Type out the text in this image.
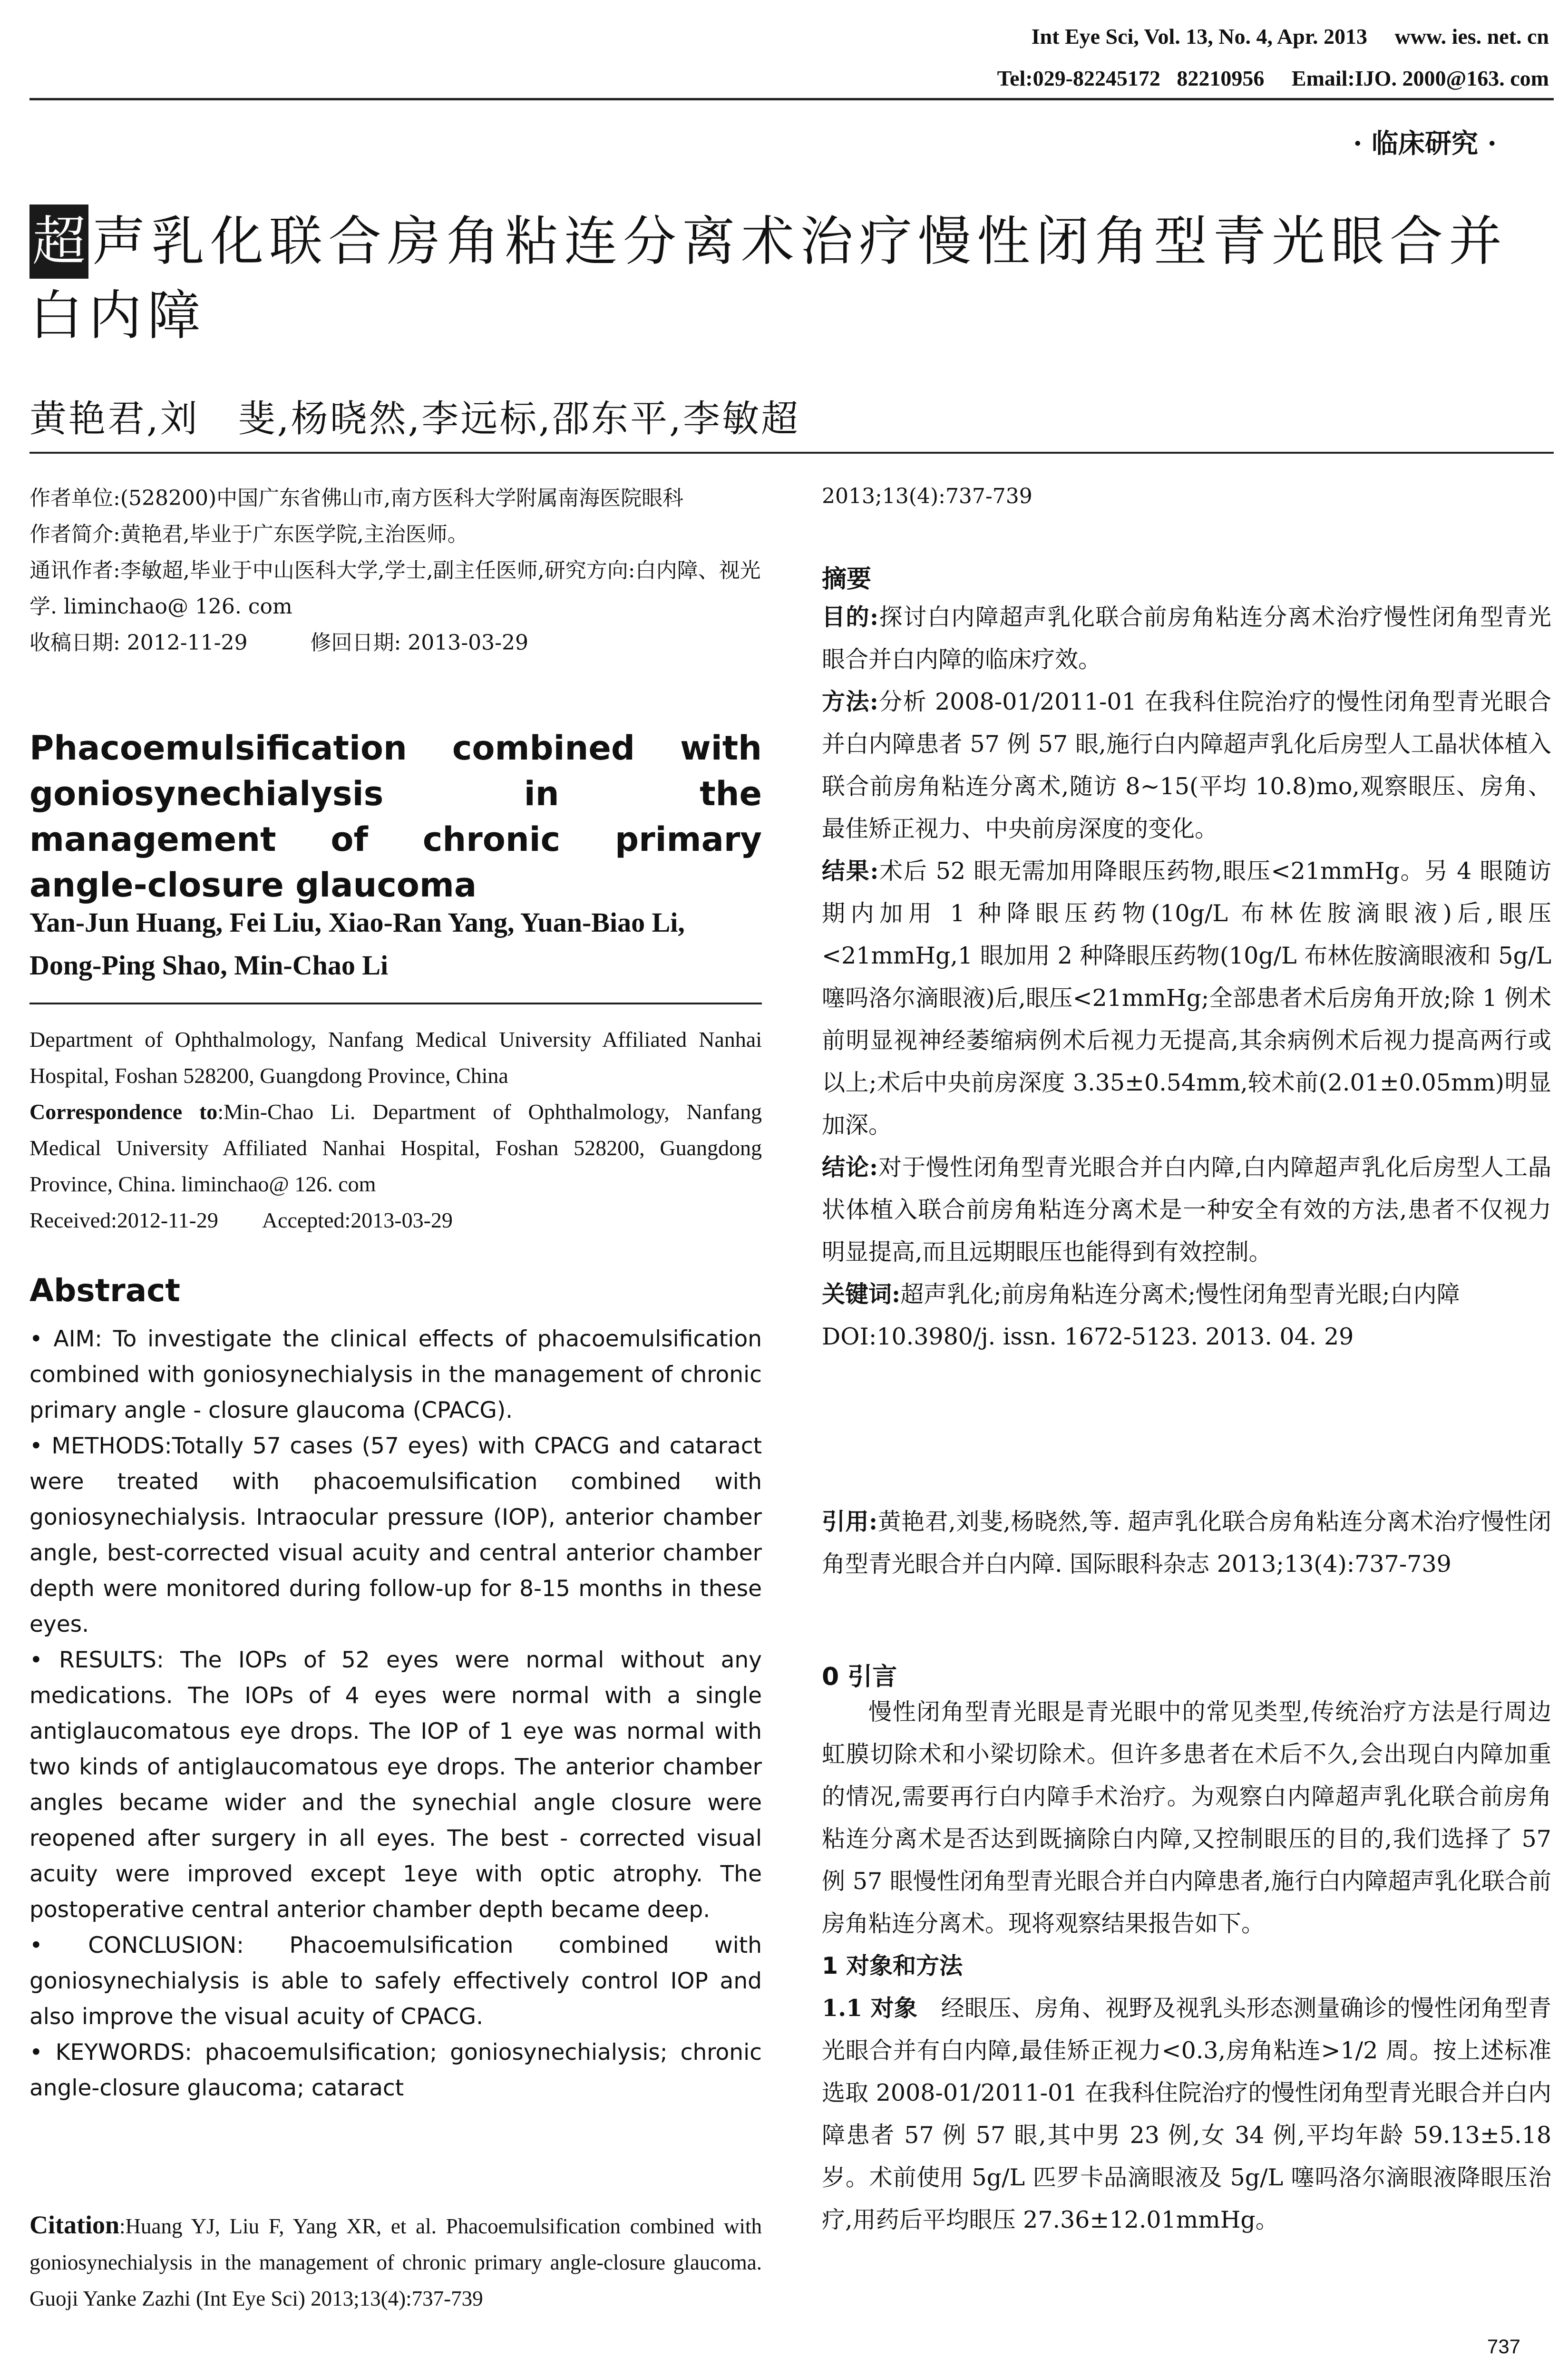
Int Eye Sci, Vol. 13, No. 4, Apr. 2013     www. ies. net. cn
Tel:029-82245172   82210956     Email:IJO. 2000@163. com
· 临床研究 ·
超 声乳化联合房角粘连分离术治疗慢性闭角型青光眼合并白内障
黄艳君,刘　斐,杨晓然,李远标,邵东平,李敏超

作者单位:(528200)中国广东省佛山市,南方医科大学附属南海医院眼科

作者简介:黄艳君,毕业于广东医学院,主治医师。

通讯作者:李敏超,毕业于中山医科大学,学士,副主任医师,研究方向:白内障、视光学. liminchao@ 126. com

收稿日期: 2012-11-29　　　修回日期: 2013-03-29

Phacoemulsification combined with goniosynechialysis in the management of chronic primary angle-closure glaucoma
Yan-Jun Huang, Fei Liu, Xiao-Ran Yang, Yuan-Biao Li, Dong-Ping Shao, Min-Chao Li
Department of Ophthalmology, Nanfang Medical University Affiliated Nanhai Hospital, Foshan 528200, Guangdong Province, China
Correspondence to:Min-Chao Li. Department of Ophthalmology, Nanfang Medical University Affiliated Nanhai Hospital, Foshan 528200, Guangdong Province, China. liminchao@ 126. com
Received:2012-11-29　　Accepted:2013-03-29
Abstract

• AIM: To investigate the clinical effects of phacoemulsification combined with goniosynechialysis in the management of chronic primary angle - closure glaucoma (CPACG).

• METHODS:Totally 57 cases (57 eyes) with CPACG and cataract were treated with phacoemulsification combined with goniosynechialysis. Intraocular pressure (IOP), anterior chamber angle, best-corrected visual acuity and central anterior chamber depth were monitored during follow-up for 8-15 months in these eyes.

• RESULTS: The IOPs of 52 eyes were normal without any medications. The IOPs of 4 eyes were normal with a single antiglaucomatous eye drops. The IOP of 1 eye was normal with two kinds of antiglaucomatous eye drops. The anterior chamber angles became wider and the synechial angle closure were reopened after surgery in all eyes. The best - corrected visual acuity were improved except 1eye with optic atrophy. The postoperative central anterior chamber depth became deep.

• CONCLUSION: Phacoemulsification combined with goniosynechialysis is able to safely effectively control IOP and also improve the visual acuity of CPACG.

• KEYWORDS: phacoemulsification; goniosynechialysis; chronic angle-closure glaucoma; cataract

Citation:Huang YJ, Liu F, Yang XR, et al. Phacoemulsification combined with goniosynechialysis in the management of chronic primary angle-closure glaucoma. Guoji Yanke Zazhi (Int Eye Sci) 2013;13(4):737-739
2013;13(4):737-739
摘要

目的:探讨白内障超声乳化联合前房角粘连分离术治疗慢性闭角型青光眼合并白内障的临床疗效。

方法:分析 2008-01/2011-01 在我科住院治疗的慢性闭角型青光眼合并白内障患者 57 例 57 眼,施行白内障超声乳化后房型人工晶状体植入联合前房角粘连分离术,随访 8~15(平均 10.8)mo,观察眼压、房角、最佳矫正视力、中央前房深度的变化。

结果:术后 52 眼无需加用降眼压药物,眼压<21mmHg。另 4 眼随访期内加用 1 种降眼压药物(10g/L 布林佐胺滴眼液)后,眼压<21mmHg,1 眼加用 2 种降眼压药物(10g/L 布林佐胺滴眼液和 5g/L 噻吗洛尔滴眼液)后,眼压<21mmHg;全部患者术后房角开放;除 1 例术前明显视神经萎缩病例术后视力无提高,其余病例术后视力提高两行或以上;术后中央前房深度 3.35±0.54mm,较术前(2.01±0.05mm)明显加深。

结论:对于慢性闭角型青光眼合并白内障,白内障超声乳化后房型人工晶状体植入联合前房角粘连分离术是一种安全有效的方法,患者不仅视力明显提高,而且远期眼压也能得到有效控制。

关键词:超声乳化;前房角粘连分离术;慢性闭角型青光眼;白内障

DOI:10.3980/j. issn. 1672-5123. 2013. 04. 29

引用:黄艳君,刘斐,杨晓然,等. 超声乳化联合房角粘连分离术治疗慢性闭角型青光眼合并白内障. 国际眼科杂志 2013;13(4):737-739
0 引言

慢性闭角型青光眼是青光眼中的常见类型,传统治疗方法是行周边虹膜切除术和小梁切除术。但许多患者在术后不久,会出现白内障加重的情况,需要再行白内障手术治疗。为观察白内障超声乳化联合前房角粘连分离术是否达到既摘除白内障,又控制眼压的目的,我们选择了 57 例 57 眼慢性闭角型青光眼合并白内障患者,施行白内障超声乳化联合前房角粘连分离术。现将观察结果报告如下。

1 对象和方法

1.1 对象　经眼压、房角、视野及视乳头形态测量确诊的慢性闭角型青光眼合并有白内障,最佳矫正视力<0.3,房角粘连>1/2 周。按上述标准选取 2008-01/2011-01 在我科住院治疗的慢性闭角型青光眼合并白内障患者 57 例 57 眼,其中男 23 例,女 34 例,平均年龄 59.13±5.18 岁。术前使用 5g/L 匹罗卡品滴眼液及 5g/L 噻吗洛尔滴眼液降眼压治疗,用药后平均眼压 27.36±12.01mmHg。

737
